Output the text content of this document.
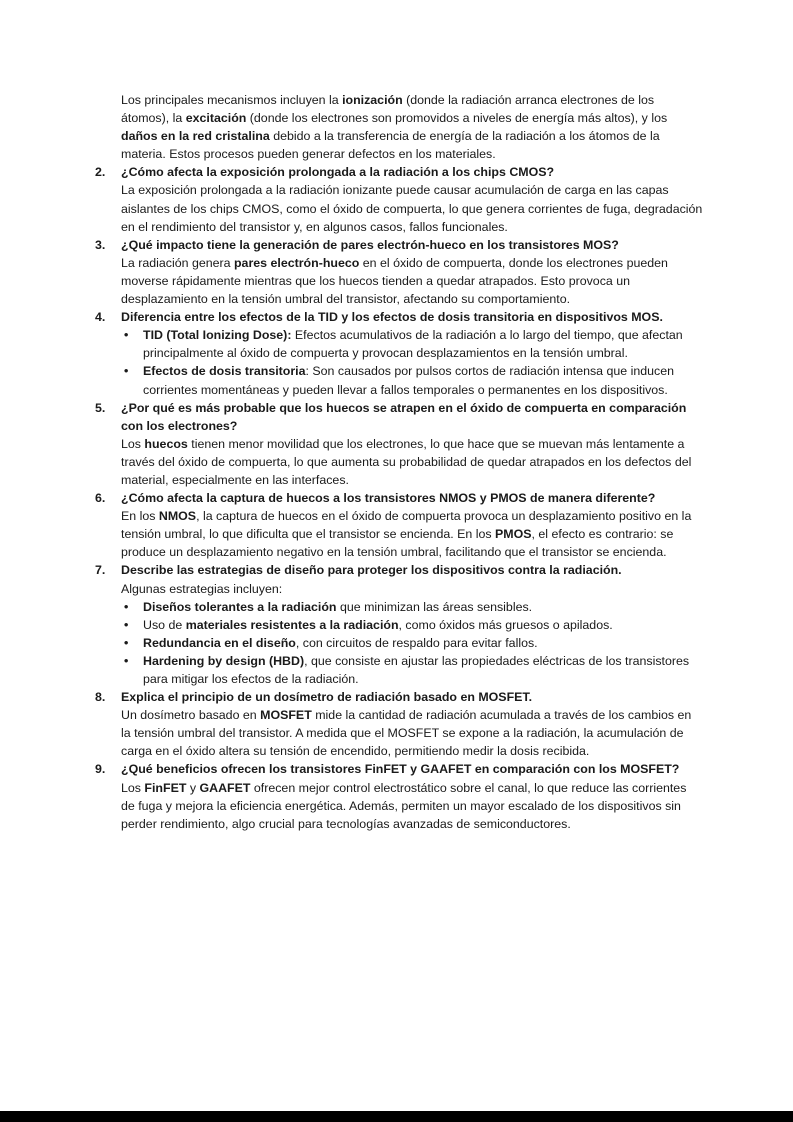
Los principales mecanismos incluyen la ionización (donde la radiación arranca electrones de los átomos), la excitación (donde los electrones son promovidos a niveles de energía más altos), y los daños en la red cristalina debido a la transferencia de energía de la radiación a los átomos de la materia. Estos procesos pueden generar defectos en los materiales.
2.	¿Cómo afecta la exposición prolongada a la radiación a los chips CMOS?
La exposición prolongada a la radiación ionizante puede causar acumulación de carga en las capas aislantes de los chips CMOS, como el óxido de compuerta, lo que genera corrientes de fuga, degradación en el rendimiento del transistor y, en algunos casos, fallos funcionales.
3.	¿Qué impacto tiene la generación de pares electrón-hueco en los transistores MOS?
La radiación genera pares electrón-hueco en el óxido de compuerta, donde los electrones pueden moverse rápidamente mientras que los huecos tienden a quedar atrapados. Esto provoca un desplazamiento en la tensión umbral del transistor, afectando su comportamiento.
4.	Diferencia entre los efectos de la TID y los efectos de dosis transitoria en dispositivos MOS.
•	TID (Total Ionizing Dose): Efectos acumulativos de la radiación a lo largo del tiempo, que afectan principalmente al óxido de compuerta y provocan desplazamientos en la tensión umbral.
•	Efectos de dosis transitoria: Son causados por pulsos cortos de radiación intensa que inducen corrientes momentáneas y pueden llevar a fallos temporales o permanentes en los dispositivos.
5.	¿Por qué es más probable que los huecos se atrapen en el óxido de compuerta en comparación con los electrones?
Los huecos tienen menor movilidad que los electrones, lo que hace que se muevan más lentamente a través del óxido de compuerta, lo que aumenta su probabilidad de quedar atrapados en los defectos del material, especialmente en las interfaces.
6.	¿Cómo afecta la captura de huecos a los transistores NMOS y PMOS de manera diferente?
En los NMOS, la captura de huecos en el óxido de compuerta provoca un desplazamiento positivo en la tensión umbral, lo que dificulta que el transistor se encienda. En los PMOS, el efecto es contrario: se produce un desplazamiento negativo en la tensión umbral, facilitando que el transistor se encienda.
7.	Describe las estrategias de diseño para proteger los dispositivos contra la radiación.
Algunas estrategias incluyen:
•	Diseños tolerantes a la radiación que minimizan las áreas sensibles.
•	Uso de materiales resistentes a la radiación, como óxidos más gruesos o apilados.
•	Redundancia en el diseño, con circuitos de respaldo para evitar fallos.
•	Hardening by design (HBD), que consiste en ajustar las propiedades eléctricas de los transistores para mitigar los efectos de la radiación.
8.	Explica el principio de un dosímetro de radiación basado en MOSFET.
Un dosímetro basado en MOSFET mide la cantidad de radiación acumulada a través de los cambios en la tensión umbral del transistor. A medida que el MOSFET se expone a la radiación, la acumulación de carga en el óxido altera su tensión de encendido, permitiendo medir la dosis recibida.
9.	¿Qué beneficios ofrecen los transistores FinFET y GAAFET en comparación con los MOSFET?
Los FinFET y GAAFET ofrecen mejor control electrostático sobre el canal, lo que reduce las corrientes de fuga y mejora la eficiencia energética. Además, permiten un mayor escalado de los dispositivos sin perder rendimiento, algo crucial para tecnologías avanzadas de semiconductores.
